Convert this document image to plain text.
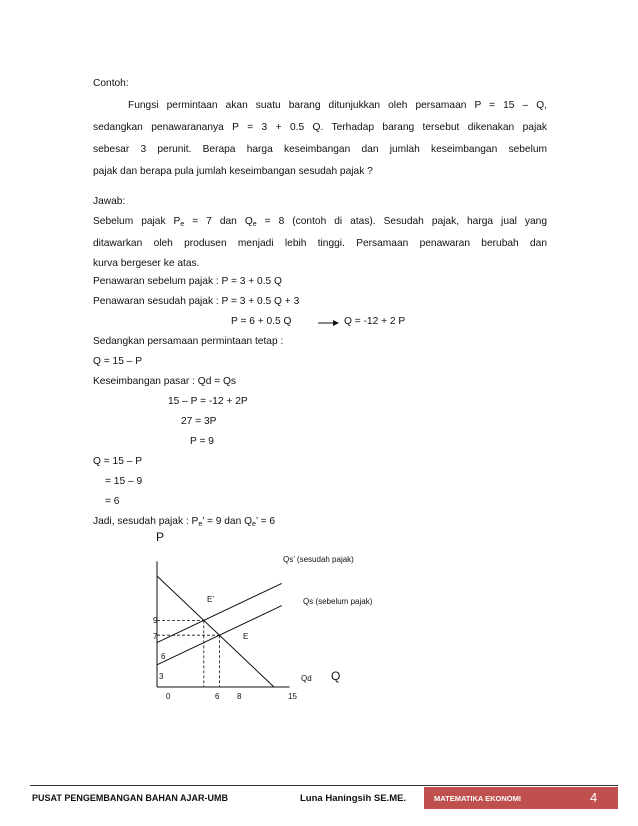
Contoh:
Fungsi permintaan akan suatu barang ditunjukkan oleh persamaan P = 15 – Q,
sedangkan penawarananya P = 3 + 0.5 Q. Terhadap barang tersebut dikenakan pajak
sebesar 3 perunit. Berapa harga keseimbangan dan jumlah keseimbangan sebelum
pajak dan berapa pula jumlah keseimbangan sesudah pajak ?
Jawab:
Sebelum pajak $P_e = 7$ dan $Q_e = 8$ (contoh di atas). Sesudah pajak, harga jual yang
ditawarkan oleh produsen menjadi lebih tinggi. Persamaan penawaran berubah dan
kurva bergeser ke atas.
Penawaran sebelum pajak : P = 3 + 0.5 Q
Penawaran sesudah pajak : P = 3 + 0.5 Q + 3
P = 6 + 0.5 Q	Q = -12 + 2 P
Sedangkan persamaan permintaan tetap :
Q = 15 – P
Keseimbangan pasar : Qd = Qs
15 – P = -12 + 2P
27 = 3P
P = 9
Q = 15 – P
= 15 – 9
= 6
Jadi, sesudah pajak : $P_e$’ = 9 dan $Q_e$’ = 6
P
Q
9
7
6
3
0	6 8	15
Qs’ (sesudah pajak)
Qs (sebelum pajak)
Qd
E
E’
PUSAT PENGEMBANGAN BAHAN AJAR-UMB	Luna Haningsih SE.ME.	MATEMATIKA EKONOMI	4
